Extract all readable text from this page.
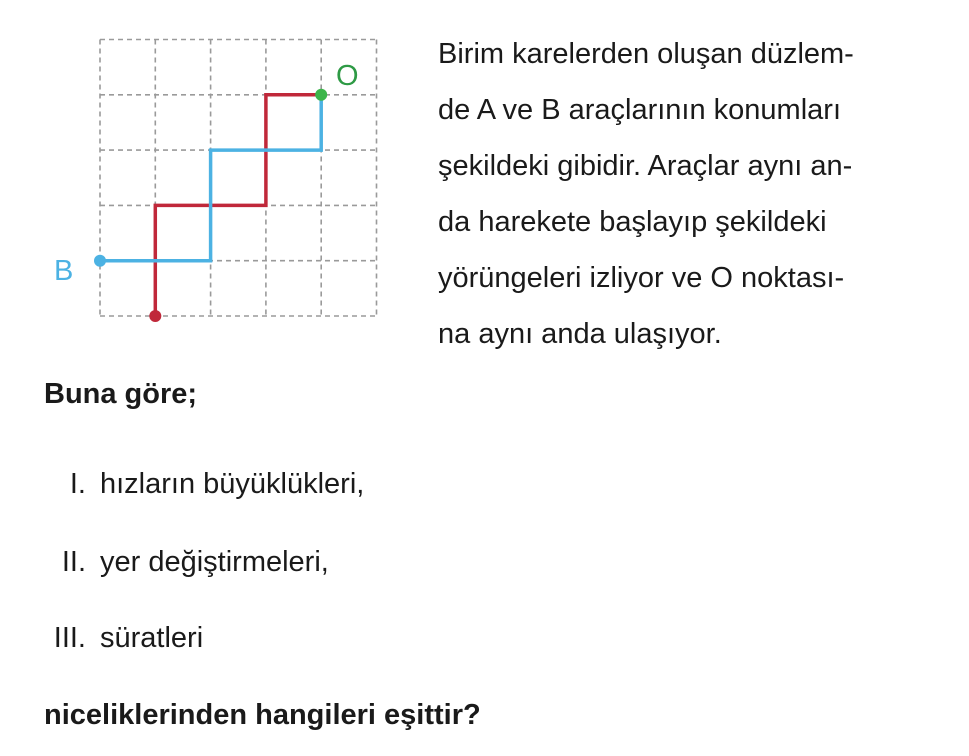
B
O
Birim karelerden oluşan düzlem-
de A ve B araçlarının konumları
şekildeki gibidir. Araçlar aynı an-
da harekete başlayıp şekildeki
yörüngeleri izliyor ve O noktası-
na aynı anda ulaşıyor.
Buna göre;
I. hızların büyüklükleri,
II. yer değiştirmeleri,
III. süratleri
niceliklerinden hangileri eşittir?
